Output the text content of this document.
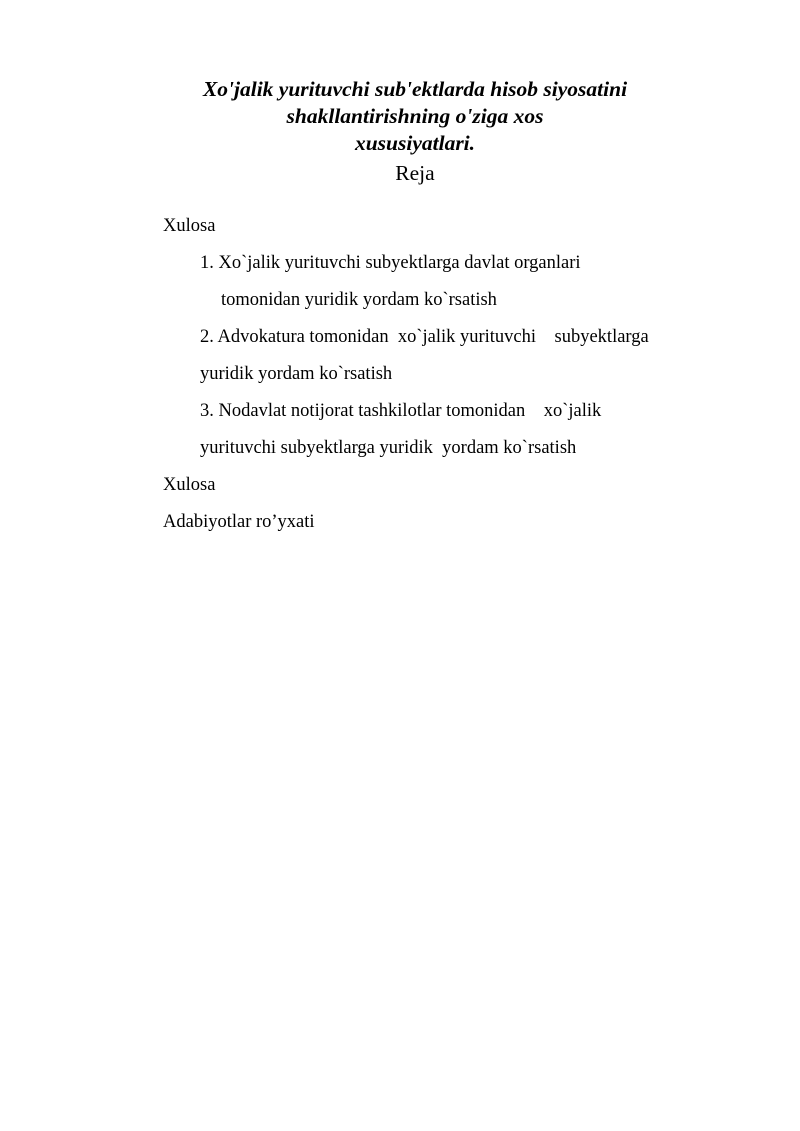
Xo'jalik yurituvchi sub'ektlarda hisob siyosatini
shakllantirishning o'ziga xos
xususiyatlari.
Reja
Xulosa
1. Xo`jalik yurituvchi subyektlarga davlat organlari
tomonidan yuridik yordam ko`rsatish
2. Advokatura tomonidan  xo`jalik yurituvchi    subyektlarga
yuridik yordam ko`rsatish
3. Nodavlat notijorat tashkilotlar tomonidan    xo`jalik
yurituvchi subyektlarga yuridik  yordam ko`rsatish
Xulosa
Adabiyotlar ro’yxati
